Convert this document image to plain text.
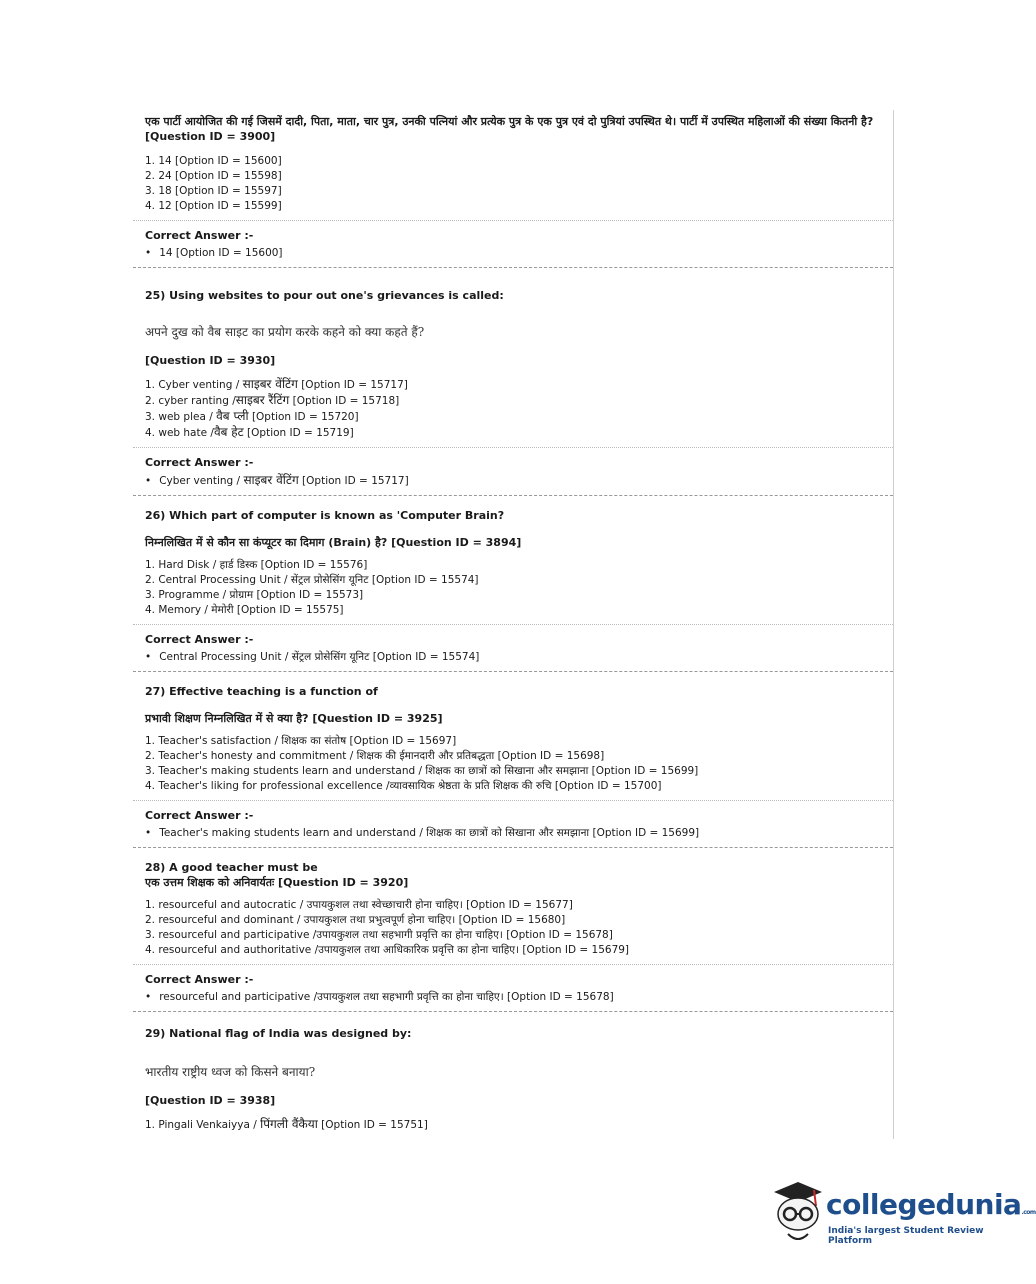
एक पार्टी आयोजित की गई जिसमें दादी, पिता, माता, चार पुत्र, उनकी पत्नियां और प्रत्येक पुत्र के एक पुत्र एवं दो पुत्रियां उपस्थित थे। पार्टी में उपस्थित महिलाओं की संख्या कितनी है? [Question ID = 3900]

1. 14 [Option ID = 15600]

2. 24 [Option ID = 15598]

3. 18 [Option ID = 15597]

4. 12 [Option ID = 15599]

Correct Answer :-

• 14 [Option ID = 15600]

25) Using websites to pour out one's grievances is called:

अपने दुख को वैब साइट का प्रयोग करके कहने को क्या कहते हैं?

[Question ID = 3930]

1. Cyber venting / साइबर वेंटिंग [Option ID = 15717]

2. cyber ranting /साइबर रैंटिंग [Option ID = 15718]

3. web plea / वैब प्ली [Option ID = 15720]

4. web hate /वैब हेट [Option ID = 15719]

Correct Answer :-

• Cyber venting / साइबर वेंटिंग [Option ID = 15717]

26) Which part of computer is known as 'Computer Brain?

निम्नलिखित में से कौन सा कंप्यूटर का दिमाग (Brain) है? [Question ID = 3894]

1. Hard Disk / हार्ड डिस्क [Option ID = 15576]

2. Central Processing Unit / सेंट्रल प्रोसेसिंग यूनिट [Option ID = 15574]

3. Programme / प्रोग्राम [Option ID = 15573]

4. Memory / मेमोरी [Option ID = 15575]

Correct Answer :-

• Central Processing Unit / सेंट्रल प्रोसेसिंग यूनिट [Option ID = 15574]

27) Effective teaching is a function of

प्रभावी शिक्षण निम्नलिखित में से क्या है? [Question ID = 3925]

1. Teacher's satisfaction / शिक्षक का संतोष [Option ID = 15697]

2. Teacher's honesty and commitment / शिक्षक की ईमानदारी और प्रतिबद्धता [Option ID = 15698]

3. Teacher's making students learn and understand / शिक्षक का छात्रों को सिखाना और समझाना [Option ID = 15699]

4. Teacher's liking for professional excellence /व्यावसायिक श्रेष्ठता के प्रति शिक्षक की रुचि [Option ID = 15700]

Correct Answer :-

• Teacher's making students learn and understand / शिक्षक का छात्रों को सिखाना और समझाना [Option ID = 15699]

28) A good teacher must be

एक उत्तम शिक्षक को अनिवार्यतः [Question ID = 3920]

1. resourceful and autocratic / उपायकुशल तथा स्वेच्छाचारी होना चाहिए। [Option ID = 15677]

2. resourceful and dominant / उपायकुशल तथा प्रभुत्वपूर्ण होना चाहिए। [Option ID = 15680]

3. resourceful and participative /उपायकुशल तथा सहभागी प्रवृत्ति का होना चाहिए। [Option ID = 15678]

4. resourceful and authoritative /उपायकुशल तथा आधिकारिक प्रवृत्ति का होना चाहिए। [Option ID = 15679]

Correct Answer :-

• resourceful and participative /उपायकुशल तथा सहभागी प्रवृत्ति का होना चाहिए। [Option ID = 15678]

29) National flag of India was designed by:

भारतीय राष्ट्रीय ध्वज को किसने बनाया?

[Question ID = 3938]

1. Pingali Venkaiyya / पिंगली वैंकैया [Option ID = 15751]

collegedunia.com
India's largest Student Review Platform
